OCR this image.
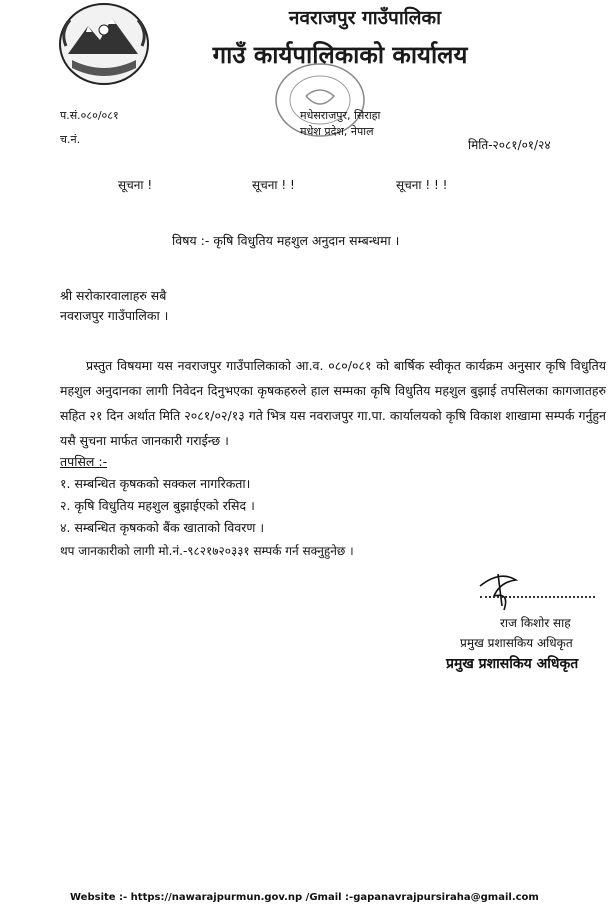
नवराजपुर गाउँपालिका
गाउँ कार्यपालिकाको कार्यालय
मधेसराजपुर, सिराहा
मधेश प्रदेश, नेपाल
प.सं.०८०/०८१
च.नं.	मिति-२०८१/०१/२४
सूचना !	सूचना ! !	सूचना ! ! !
विषय :- कृषि विधुतिय महशुल अनुदान सम्बन्धमा ।
श्री सरोकारवालाहरु सबै
नवराजपुर गाउँपालिका ।
प्रस्तुत विषयमा यस नवराजपुर गाउँपालिकाको आ.व. ०८०/०८१ को बार्षिक स्वीकृत कार्यक्रम अनुसार कृषि विधुतिय महशुल अनुदानका लागी निवेदन दिनुभएका कृषकहरुले हाल सम्मका कृषि विधुतिय महशुल बुझाई तपसिलका कागजातहरु सहित २१ दिन अर्थात मिति २०८१/०२/१३ गते भित्र यस नवराजपुर गा.पा. कार्यालयको कृषि विकाश शाखामा सम्पर्क गर्नुहुन यसै सुचना मार्फत जानकारी गराईन्छ ।
तपसिल :-
१. सम्बन्धित कृषकको सक्कल नागरिकता।
२. कृषि विधुतिय महशुल बुझाईएको रसिद ।
४. सम्बन्धित कृषकको बैंक खाताको विवरण ।
थप जानकारीको लागी मो.नं.-९८२१७२०३३१ सम्पर्क गर्न सक्नुहुनेछ ।
राज किशोर साह
प्रमुख प्रशासकिय अधिकृत
प्रमुख प्रशासकिय अधिकृत
Website :- https://nawarajpurmun.gov.np /Gmail :-gapanavrajpursiraha@gmail.com
